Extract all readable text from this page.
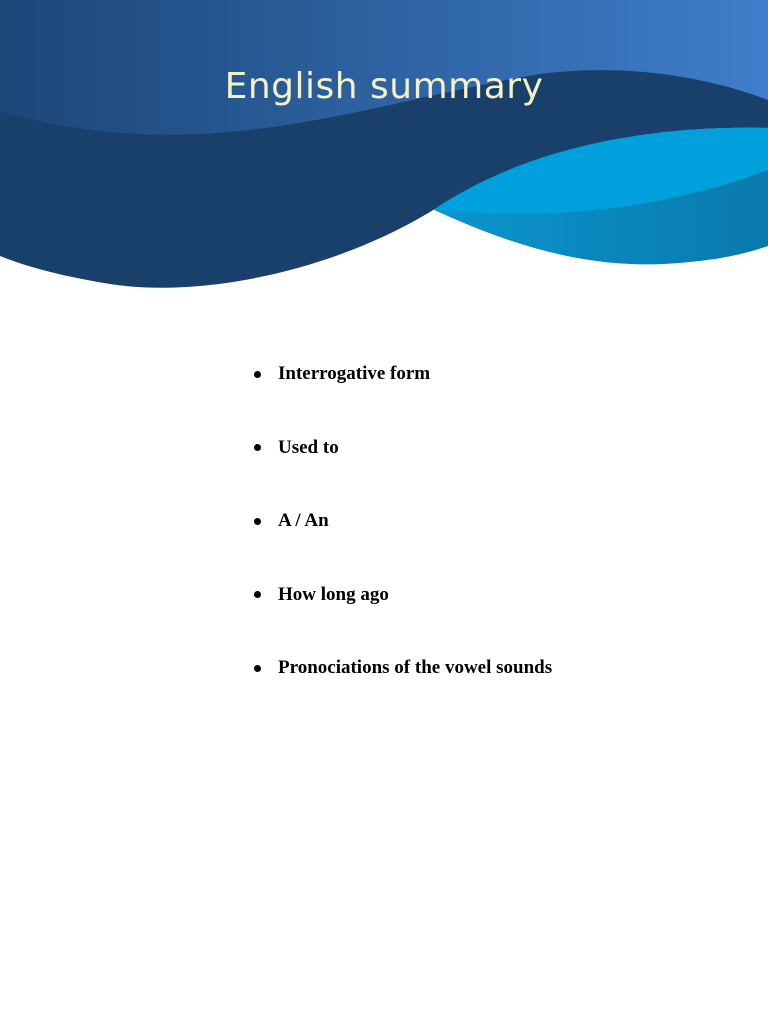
English summary
Interrogative form
Used to
A / An
How long ago
Pronociations of the vowel sounds
